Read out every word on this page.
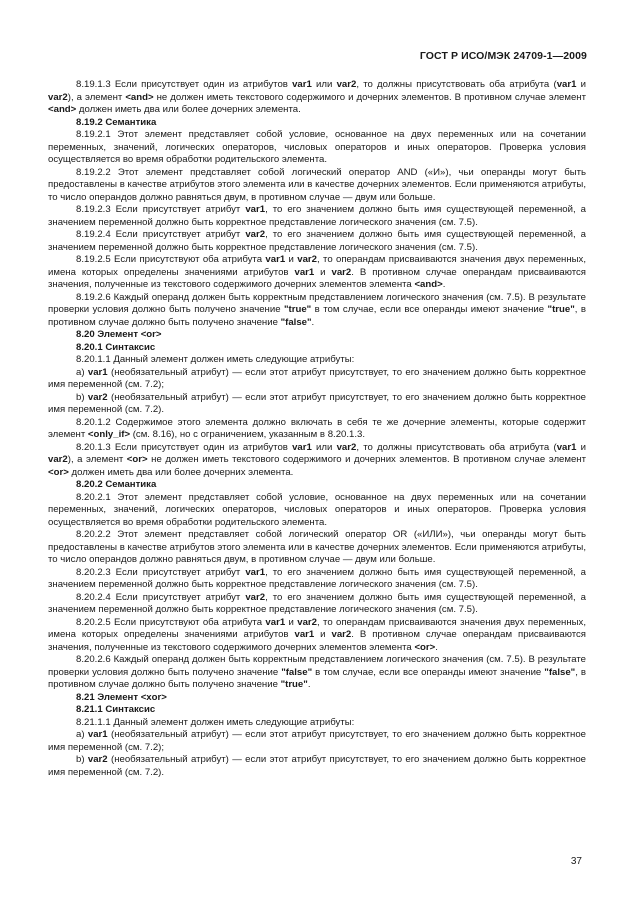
ГОСТ Р ИСО/МЭК 24709-1—2009

8.19.1.3 Если присутствует один из атрибутов var1 или var2, то должны присутствовать оба атрибута (var1 и var2), а элемент <and> не должен иметь текстового содержимого и дочерних элементов. В противном случае элемент <and> должен иметь два или более дочерних элемента.

8.19.2 Семантика

8.19.2.1 Этот элемент представляет собой условие, основанное на двух переменных или на сочетании переменных, значений, логических операторов, числовых операторов и иных операторов. Проверка условия осуществляется во время обработки родительского элемента.

8.19.2.2 Этот элемент представляет собой логический оператор AND («И»), чьи операнды могут быть предоставлены в качестве атрибутов этого элемента или в качестве дочерних элементов. Если применяются атрибуты, то число операндов должно равняться двум, в противном случае — двум или больше.

8.19.2.3 Если присутствует атрибут var1, то его значением должно быть имя существующей переменной, а значением переменной должно быть корректное представление логического значения (см. 7.5).

8.19.2.4 Если присутствует атрибут var2, то его значением должно быть имя существующей переменной, а значением переменной должно быть корректное представление логического значения (см. 7.5).

8.19.2.5 Если присутствуют оба атрибута var1 и var2, то операндам присваиваются значения двух переменных, имена которых определены значениями атрибутов var1 и var2. В противном случае операндам присваиваются значения, полученные из текстового содержимого дочерних элементов элемента <and>.

8.19.2.6 Каждый операнд должен быть корректным представлением логического значения (см. 7.5). В результате проверки условия должно быть получено значение "true" в том случае, если все операнды имеют значение "true", в противном случае должно быть получено значение "false".

8.20 Элемент <or>

8.20.1 Синтаксис

8.20.1.1 Данный элемент должен иметь следующие атрибуты:

a) var1 (необязательный атрибут) — если этот атрибут присутствует, то его значением должно быть корректное имя переменной (см. 7.2);

b) var2 (необязательный атрибут) — если этот атрибут присутствует, то его значением должно быть корректное имя переменной (см. 7.2).

8.20.1.2 Содержимое этого элемента должно включать в себя те же дочерние элементы, которые содержит элемент <only_if> (см. 8.16), но с ограничением, указанным в 8.20.1.3.

8.20.1.3 Если присутствует один из атрибутов var1 или var2, то должны присутствовать оба атрибута (var1 и var2), а элемент <or> не должен иметь текстового содержимого и дочерних элементов. В противном случае элемент <or> должен иметь два или более дочерних элемента.

8.20.2 Семантика

8.20.2.1 Этот элемент представляет собой условие, основанное на двух переменных или на сочетании переменных, значений, логических операторов, числовых операторов и иных операторов. Проверка условия осуществляется во время обработки родительского элемента.

8.20.2.2 Этот элемент представляет собой логический оператор OR («ИЛИ»), чьи операнды могут быть предоставлены в качестве атрибутов этого элемента или в качестве дочерних элементов. Если применяются атрибуты, то число операндов должно равняться двум, в противном случае — двум или больше.

8.20.2.3 Если присутствует атрибут var1, то его значением должно быть имя существующей переменной, а значением переменной должно быть корректное представление логического значения (см. 7.5).

8.20.2.4 Если присутствует атрибут var2, то его значением должно быть имя существующей переменной, а значением переменной должно быть корректное представление логического значения (см. 7.5).

8.20.2.5 Если присутствуют оба атрибута var1 и var2, то операндам присваиваются значения двух переменных, имена которых определены значениями атрибутов var1 и var2. В противном случае операндам присваиваются значения, полученные из текстового содержимого дочерних элементов элемента <or>.

8.20.2.6 Каждый операнд должен быть корректным представлением логического значения (см. 7.5). В результате проверки условия должно быть получено значение "false" в том случае, если все операнды имеют значение "false", в противном случае должно быть получено значение "true".

8.21 Элемент <xor>

8.21.1 Синтаксис

8.21.1.1 Данный элемент должен иметь следующие атрибуты:

a) var1 (необязательный атрибут) — если этот атрибут присутствует, то его значением должно быть корректное имя переменной (см. 7.2);

b) var2 (необязательный атрибут) — если этот атрибут присутствует, то его значением должно быть корректное имя переменной (см. 7.2).

37
